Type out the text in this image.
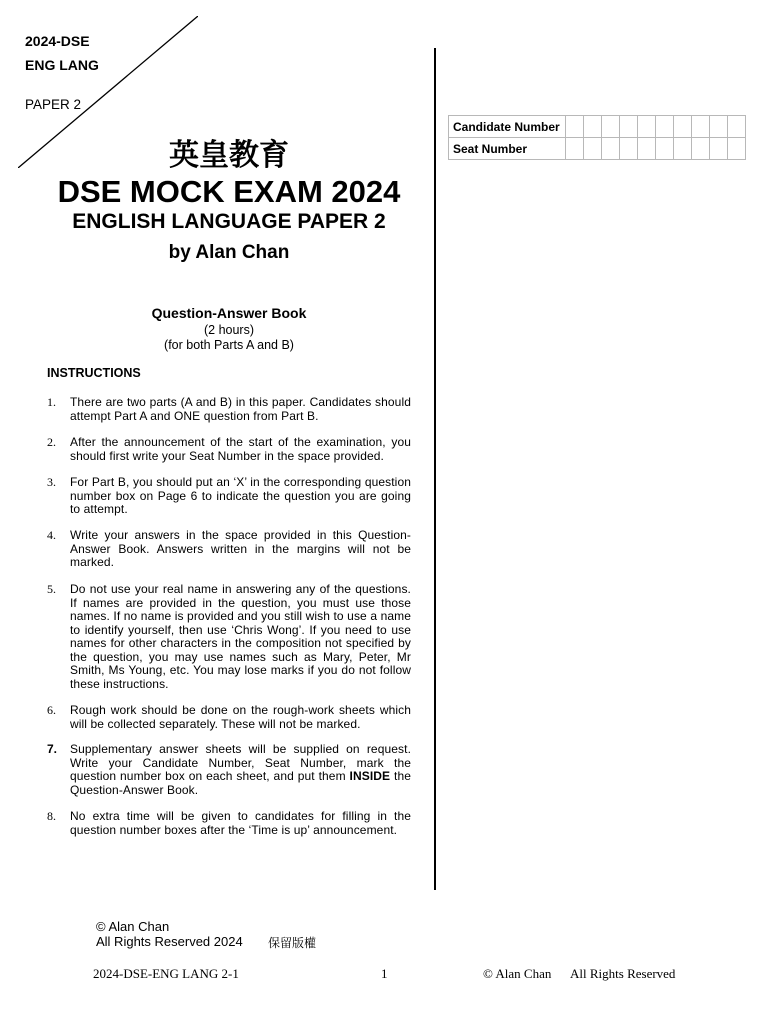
2024-DSE
ENG LANG
PAPER 2
Candidate Number										
Seat Number										
英皇教育
DSE MOCK EXAM 2024
ENGLISH LANGUAGE PAPER 2
by Alan Chan
Question-Answer Book
(2 hours)
(for both Parts A and B)
INSTRUCTIONS
1. There are two parts (A and B) in this paper. Candidates should attempt Part A and ONE question from Part B.
2. After the announcement of the start of the examination, you should first write your Seat Number in the space provided.
3. For Part B, you should put an ‘X’ in the corresponding question number box on Page 6 to indicate the question you are going to attempt.
4. Write your answers in the space provided in this Question-Answer Book. Answers written in the margins will not be marked.
5. Do not use your real name in answering any of the questions. If names are provided in the question, you must use those names. If no name is provided and you still wish to use a name to identify yourself, then use ‘Chris Wong’. If you need to use names for other characters in the composition not specified by the question, you may use names such as Mary, Peter, Mr Smith, Ms Young, etc. You may lose marks if you do not follow these instructions.
6. Rough work should be done on the rough-work sheets which will be collected separately. These will not be marked.
7. Supplementary answer sheets will be supplied on request. Write your Candidate Number, Seat Number, mark the question number box on each sheet, and put them INSIDE the Question-Answer Book.
8. No extra time will be given to candidates for filling in the question number boxes after the ‘Time is up’ announcement.
© Alan Chan
All Rights Reserved 2024 保留版權
2024-DSE-ENG LANG 2-1	1	© Alan Chan All Rights Reserved
